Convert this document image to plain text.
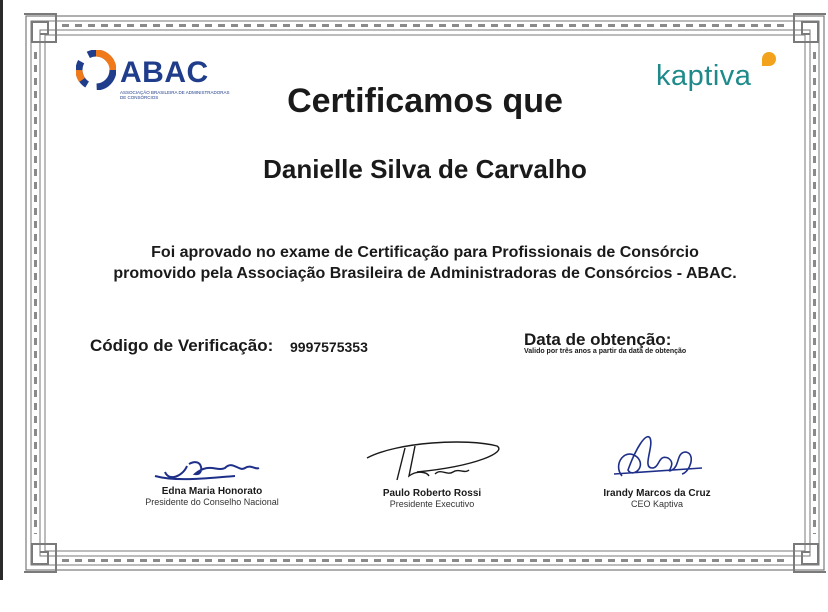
ABAC
ASSOCIAÇÃO BRASILEIRA DE ADMINISTRADORAS DE CONSÓRCIOS
kaptiva
Certificamos que
Danielle Silva de Carvalho
Foi aprovado no exame de Certificação para Profissionais de Consórcio
promovido pela Associação Brasileira de Administradoras de Consórcios - ABAC.
Código de Verificação: 9997575353	Data de obtenção:
Valido por três anos a partir da data de obtenção
Edna Maria Honorato
Presidente do Conselho Nacional
Paulo Roberto Rossi
Presidente Executivo
Irandy Marcos da Cruz
CEO Kaptiva
